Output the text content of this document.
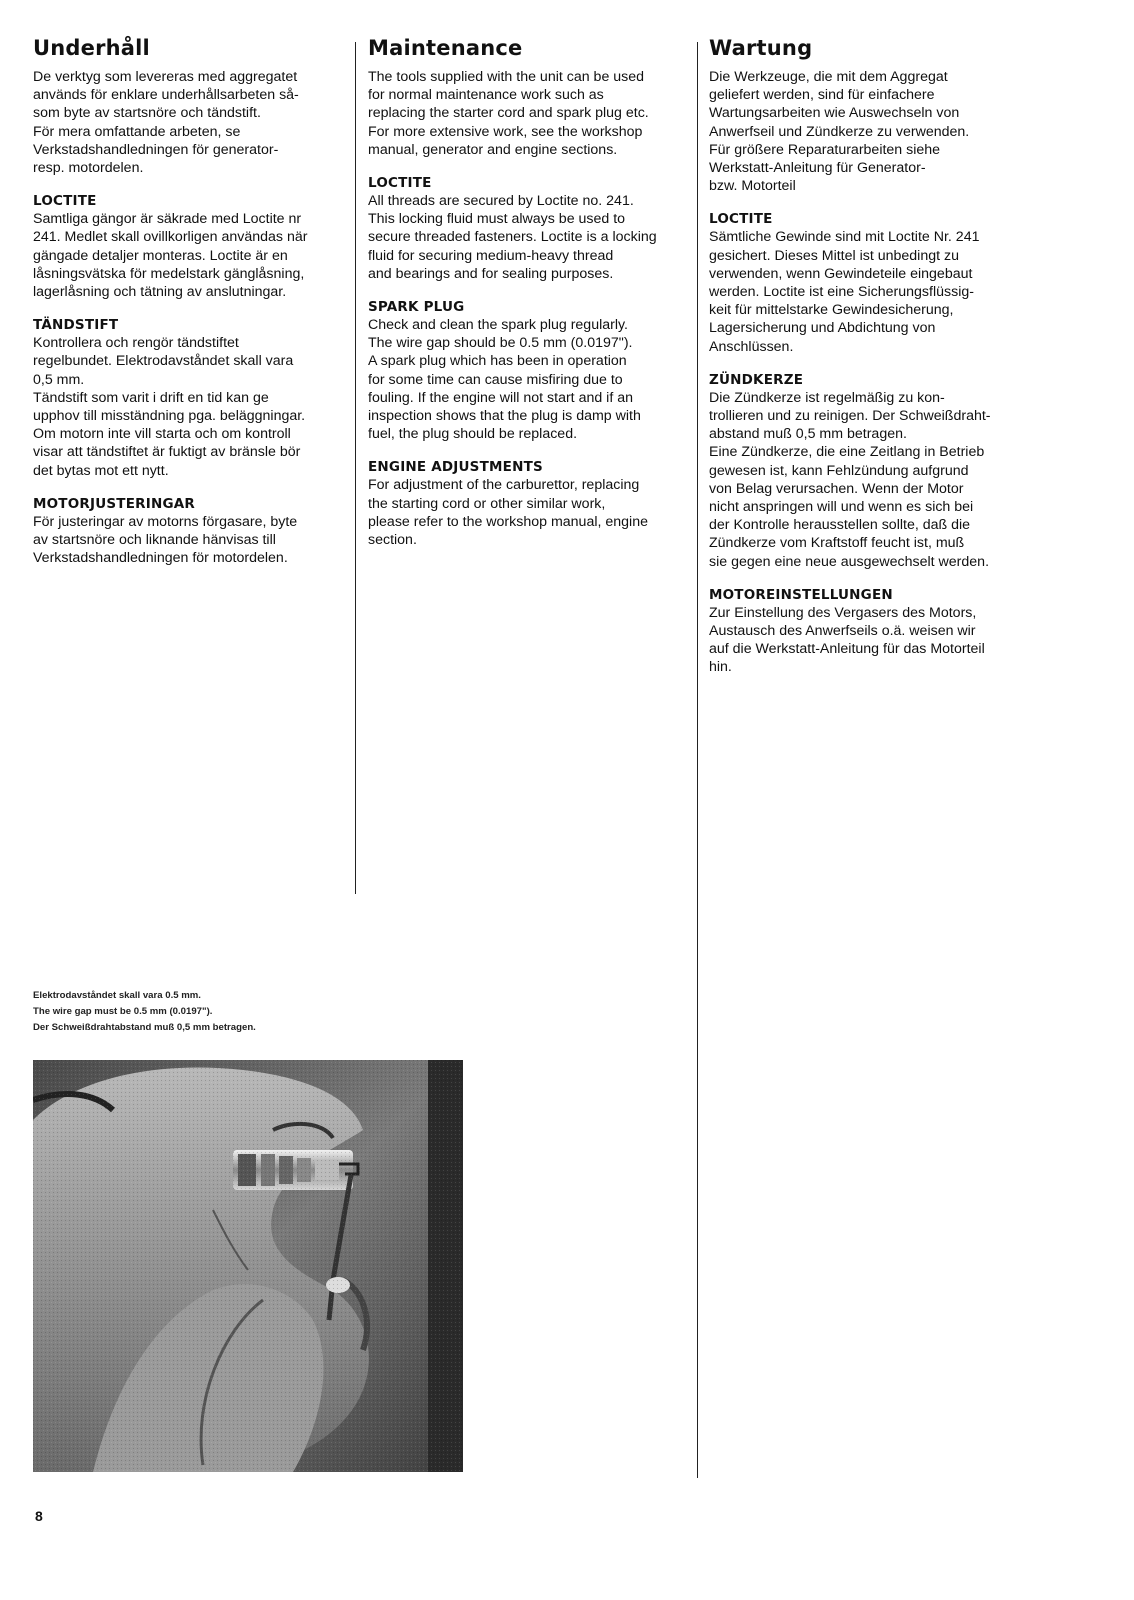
Underhåll

De verktyg som levereras med aggregatet
används för enklare underhållsarbeten så-
som byte av startsnöre och tändstift.
För mera omfattande arbeten, se
Verkstadshandledningen för generator-
resp. motordelen.

LOCTITE

Samtliga gängor är säkrade med Loctite nr
241. Medlet skall ovillkorligen användas när
gängade detaljer monteras. Loctite är en
låsningsvätska för medelstark gänglåsning,
lagerlåsning och tätning av anslutningar.

TÄNDSTIFT

Kontrollera och rengör tändstiftet
regelbundet. Elektrodavståndet skall vara
0,5 mm.
Tändstift som varit i drift en tid kan ge
upphov till misständning pga. beläggningar.
Om motorn inte vill starta och om kontroll
visar att tändstiftet är fuktigt av bränsle bör
det bytas mot ett nytt.

MOTORJUSTERINGAR

För justeringar av motorns förgasare, byte
av startsnöre och liknande hänvisas till
Verkstadshandledningen för motordelen.

Maintenance

The tools supplied with the unit can be used
for normal maintenance work such as
replacing the starter cord and spark plug etc.
For more extensive work, see the workshop
manual, generator and engine sections.

LOCTITE

All threads are secured by Loctite no. 241.
This locking fluid must always be used to
secure threaded fasteners. Loctite is a locking
fluid for securing medium-heavy thread
and bearings and for sealing purposes.

SPARK PLUG

Check and clean the spark plug regularly.
The wire gap should be 0.5 mm (0.0197").
A spark plug which has been in operation
for some time can cause misfiring due to
fouling. If the engine will not start and if an
inspection shows that the plug is damp with
fuel, the plug should be replaced.

ENGINE ADJUSTMENTS

For adjustment of the carburettor, replacing
the starting cord or other similar work,
please refer to the workshop manual, engine
section.

Wartung

Die Werkzeuge, die mit dem Aggregat
geliefert werden, sind für einfachere
Wartungsarbeiten wie Auswechseln von
Anwerfseil und Zündkerze zu verwenden.
Für größere Reparaturarbeiten siehe
Werkstatt-Anleitung für Generator-
bzw. Motorteil

LOCTITE

Sämtliche Gewinde sind mit Loctite Nr. 241
gesichert. Dieses Mittel ist unbedingt zu
verwenden, wenn Gewindeteile eingebaut
werden. Loctite ist eine Sicherungsflüssig-
keit für mittelstarke Gewindesicherung,
Lagersicherung und Abdichtung von
Anschlüssen.

ZÜNDKERZE

Die Zündkerze ist regelmäßig zu kon-
trollieren und zu reinigen. Der Schweißdraht-
abstand muß 0,5 mm betragen.
Eine Zündkerze, die eine Zeitlang in Betrieb
gewesen ist, kann Fehlzündung aufgrund
von Belag verursachen. Wenn der Motor
nicht anspringen will und wenn es sich bei
der Kontrolle herausstellen sollte, daß die
Zündkerze vom Kraftstoff feucht ist, muß
sie gegen eine neue ausgewechselt werden.

MOTOREINSTELLUNGEN

Zur Einstellung des Vergasers des Motors,
Austausch des Anwerfseils o.ä. weisen wir
auf die Werkstatt-Anleitung für das Motorteil
hin.

Elektrodavståndet skall vara 0.5 mm.
The wire gap must be 0.5 mm (0.0197").
Der Schweißdrahtabstand muß 0,5 mm betragen.
8
